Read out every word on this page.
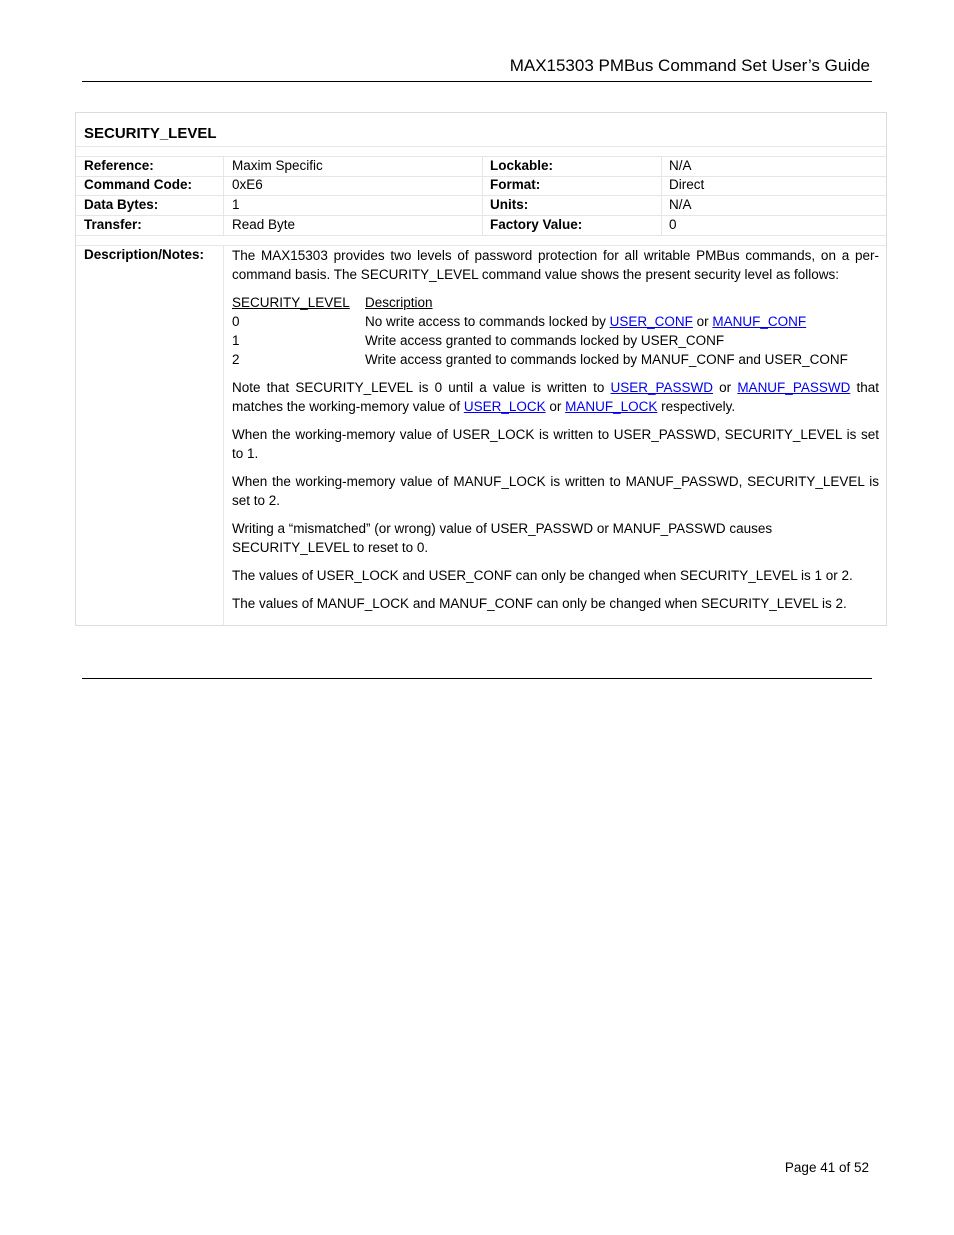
MAX15303 PMBus Command Set User’s Guide
SECURITY_LEVEL
Reference:	Maxim Specific	Lockable:	N/A
Command Code:	0xE6	Format:	Direct
Data Bytes:	1	Units:	N/A
Transfer:	Read Byte	Factory Value:	0
Description/Notes: The MAX15303 provides two levels of password protection for all writable PMBus commands, on a per-command basis. The SECURITY_LEVEL command value shows the present security level as follows:

SECURITY_LEVEL	Description
0	No write access to commands locked by USER_CONF or MANUF_CONF
1	Write access granted to commands locked by USER_CONF
2	Write access granted to commands locked by MANUF_CONF and USER_CONF

Note that SECURITY_LEVEL is 0 until a value is written to USER_PASSWD or MANUF_PASSWD that matches the working-memory value of USER_LOCK or MANUF_LOCK respectively.

When the working-memory value of USER_LOCK is written to USER_PASSWD, SECURITY_LEVEL is set to 1.

When the working-memory value of MANUF_LOCK is written to MANUF_PASSWD, SECURITY_LEVEL is set to 2.

Writing a “mismatched” (or wrong) value of USER_PASSWD or MANUF_PASSWD causes SECURITY_LEVEL to reset to 0.

The values of USER_LOCK and USER_CONF can only be changed when SECURITY_LEVEL is 1 or 2.

The values of MANUF_LOCK and MANUF_CONF can only be changed when SECURITY_LEVEL is 2.

Page 41 of 52
